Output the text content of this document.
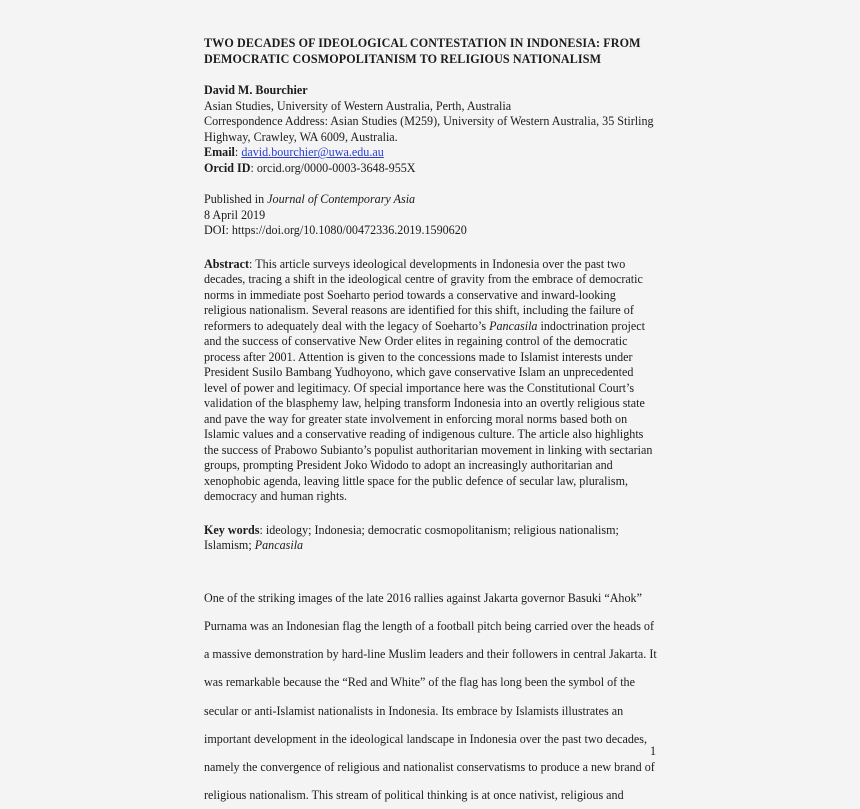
TWO DECADES OF IDEOLOGICAL CONTESTATION IN INDONESIA: FROM DEMOCRATIC COSMOPOLITANISM TO RELIGIOUS NATIONALISM
David M. Bourchier
Asian Studies, University of Western Australia, Perth, Australia
Correspondence Address: Asian Studies (M259), University of Western Australia, 35 Stirling Highway, Crawley, WA 6009, Australia.
Email: david.bourchier@uwa.edu.au
Orcid ID: orcid.org/0000-0003-3648-955X
Published in Journal of Contemporary Asia
8 April 2019
DOI: https://doi.org/10.1080/00472336.2019.1590620

Abstract: This article surveys ideological developments in Indonesia over the past two decades, tracing a shift in the ideological centre of gravity from the embrace of democratic norms in immediate post Soeharto period towards a conservative and inward-looking religious nationalism. Several reasons are identified for this shift, including the failure of reformers to adequately deal with the legacy of Soeharto’s Pancasila indoctrination project and the success of conservative New Order elites in regaining control of the democratic process after 2001. Attention is given to the concessions made to Islamist interests under President Susilo Bambang Yudhoyono, which gave conservative Islam an unprecedented level of power and legitimacy. Of special importance here was the Constitutional Court’s validation of the blasphemy law, helping transform Indonesia into an overtly religious state and pave the way for greater state involvement in enforcing moral norms based both on Islamic values and a conservative reading of indigenous culture. The article also highlights the success of Prabowo Subianto’s populist authoritarian movement in linking with sectarian groups, prompting President Joko Widodo to adopt an increasingly authoritarian and xenophobic agenda, leaving little space for the public defence of secular law, pluralism, democracy and human rights.

Key words: ideology; Indonesia; democratic cosmopolitanism; religious nationalism; Islamism; Pancasila

One of the striking images of the late 2016 rallies against Jakarta governor Basuki “Ahok” Purnama was an Indonesian flag the length of a football pitch being carried over the heads of a massive demonstration by hard-line Muslim leaders and their followers in central Jakarta. It was remarkable because the “Red and White” of the flag has long been the symbol of the secular or anti-Islamist nationalists in Indonesia. Its embrace by Islamists illustrates an important development in the ideological landscape in Indonesia over the past two decades, namely the convergence of religious and nationalist conservatisms to produce a new brand of religious nationalism. This stream of political thinking is at once nativist, religious and

1
